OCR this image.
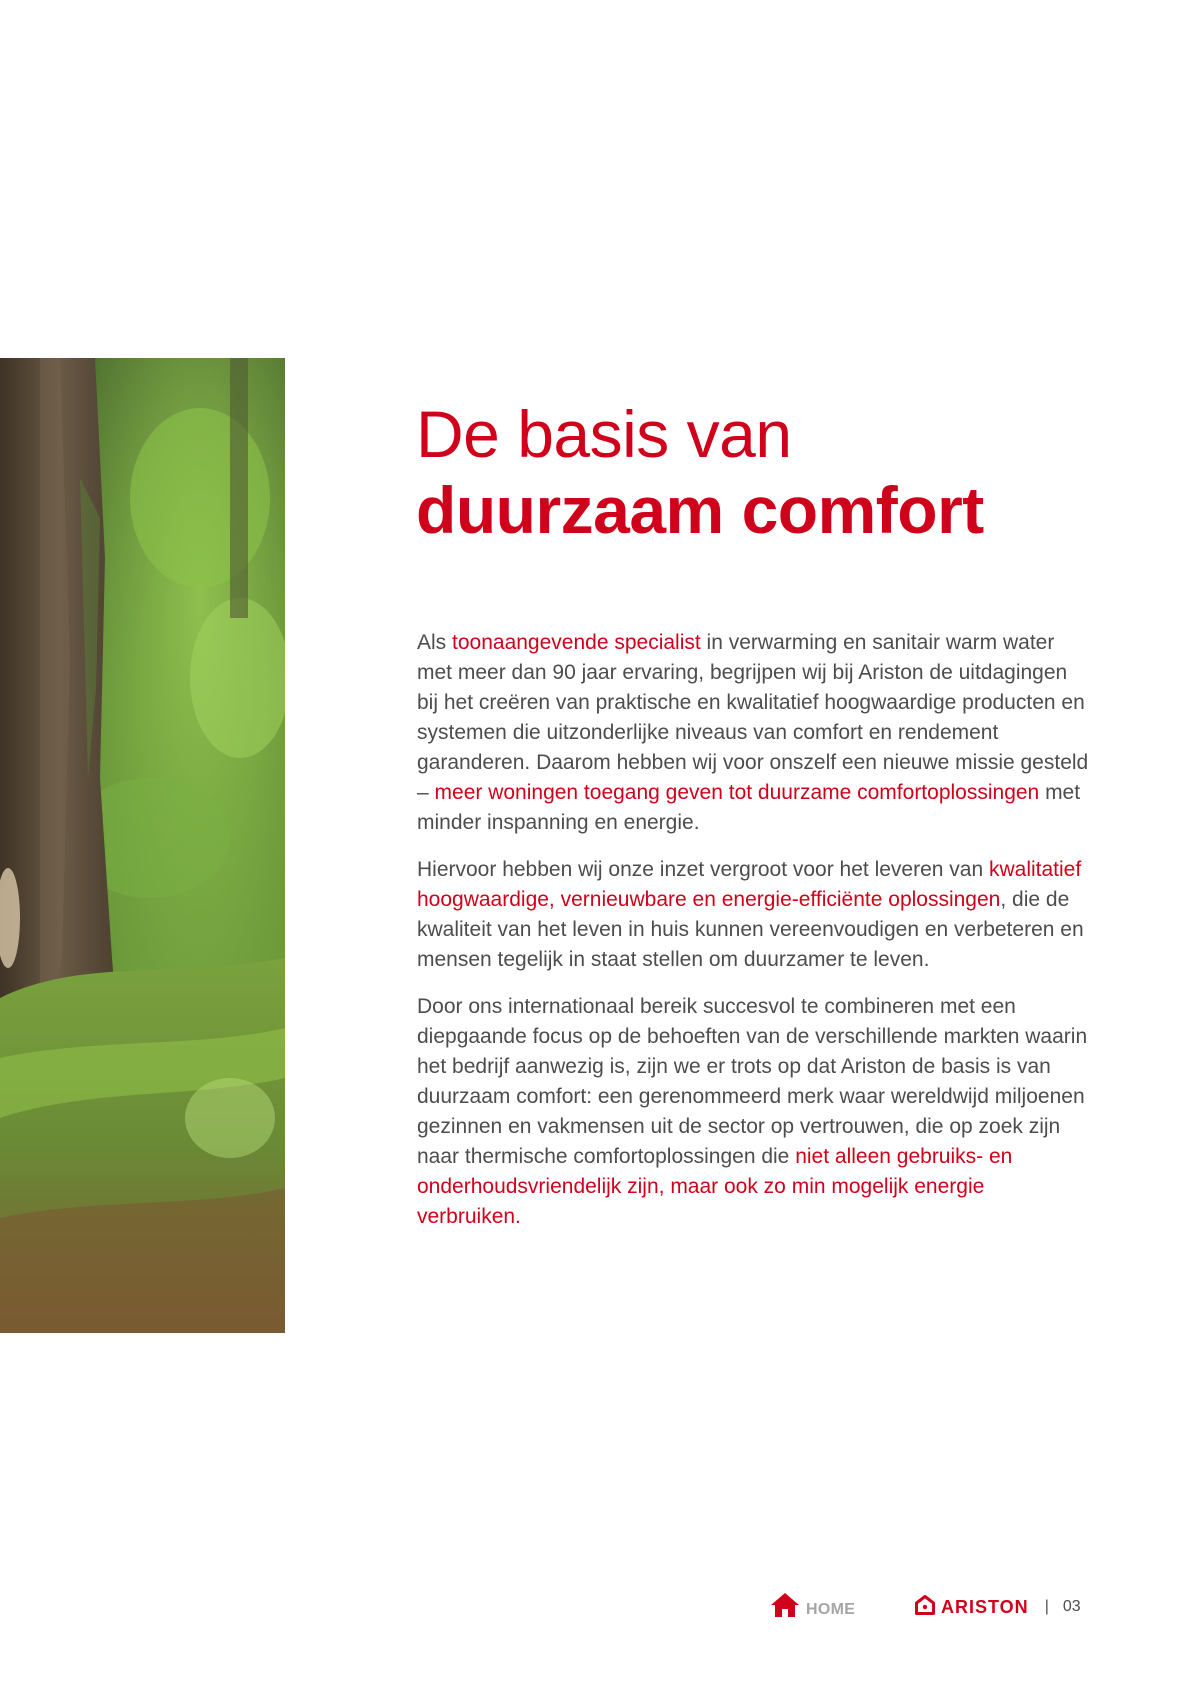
De basis van
duurzaam comfort

Als toonaangevende specialist in verwarming en sanitair warm water met meer dan 90 jaar ervaring, begrijpen wij bij Ariston de uitdagingen bij het creëren van praktische en kwalitatief hoogwaardige producten en systemen die uitzonderlijke niveaus van comfort en rendement garanderen. Daarom hebben wij voor onszelf een nieuwe missie gesteld – meer woningen toegang geven tot duurzame comfortoplossingen met minder inspanning en energie.

Hiervoor hebben wij onze inzet vergroot voor het leveren van kwalitatief hoogwaardige, vernieuwbare en energie-efficiënte oplossingen, die de kwaliteit van het leven in huis kunnen vereenvoudigen en verbeteren en mensen tegelijk in staat stellen om duurzamer te leven.

Door ons internationaal bereik succesvol te combineren met een diepgaande focus op de behoeften van de verschillende markten waarin het bedrijf aanwezig is, zijn we er trots op dat Ariston de basis is van duurzaam comfort: een gerenommeerd merk waar wereldwijd miljoenen gezinnen en vakmensen uit de sector op vertrouwen, die op zoek zijn naar thermische comfortoplossingen die niet alleen gebruiks- en onderhoudsvriendelijk zijn, maar ook zo min mogelijk energie verbruiken.

HOME	ARISTON | 03
